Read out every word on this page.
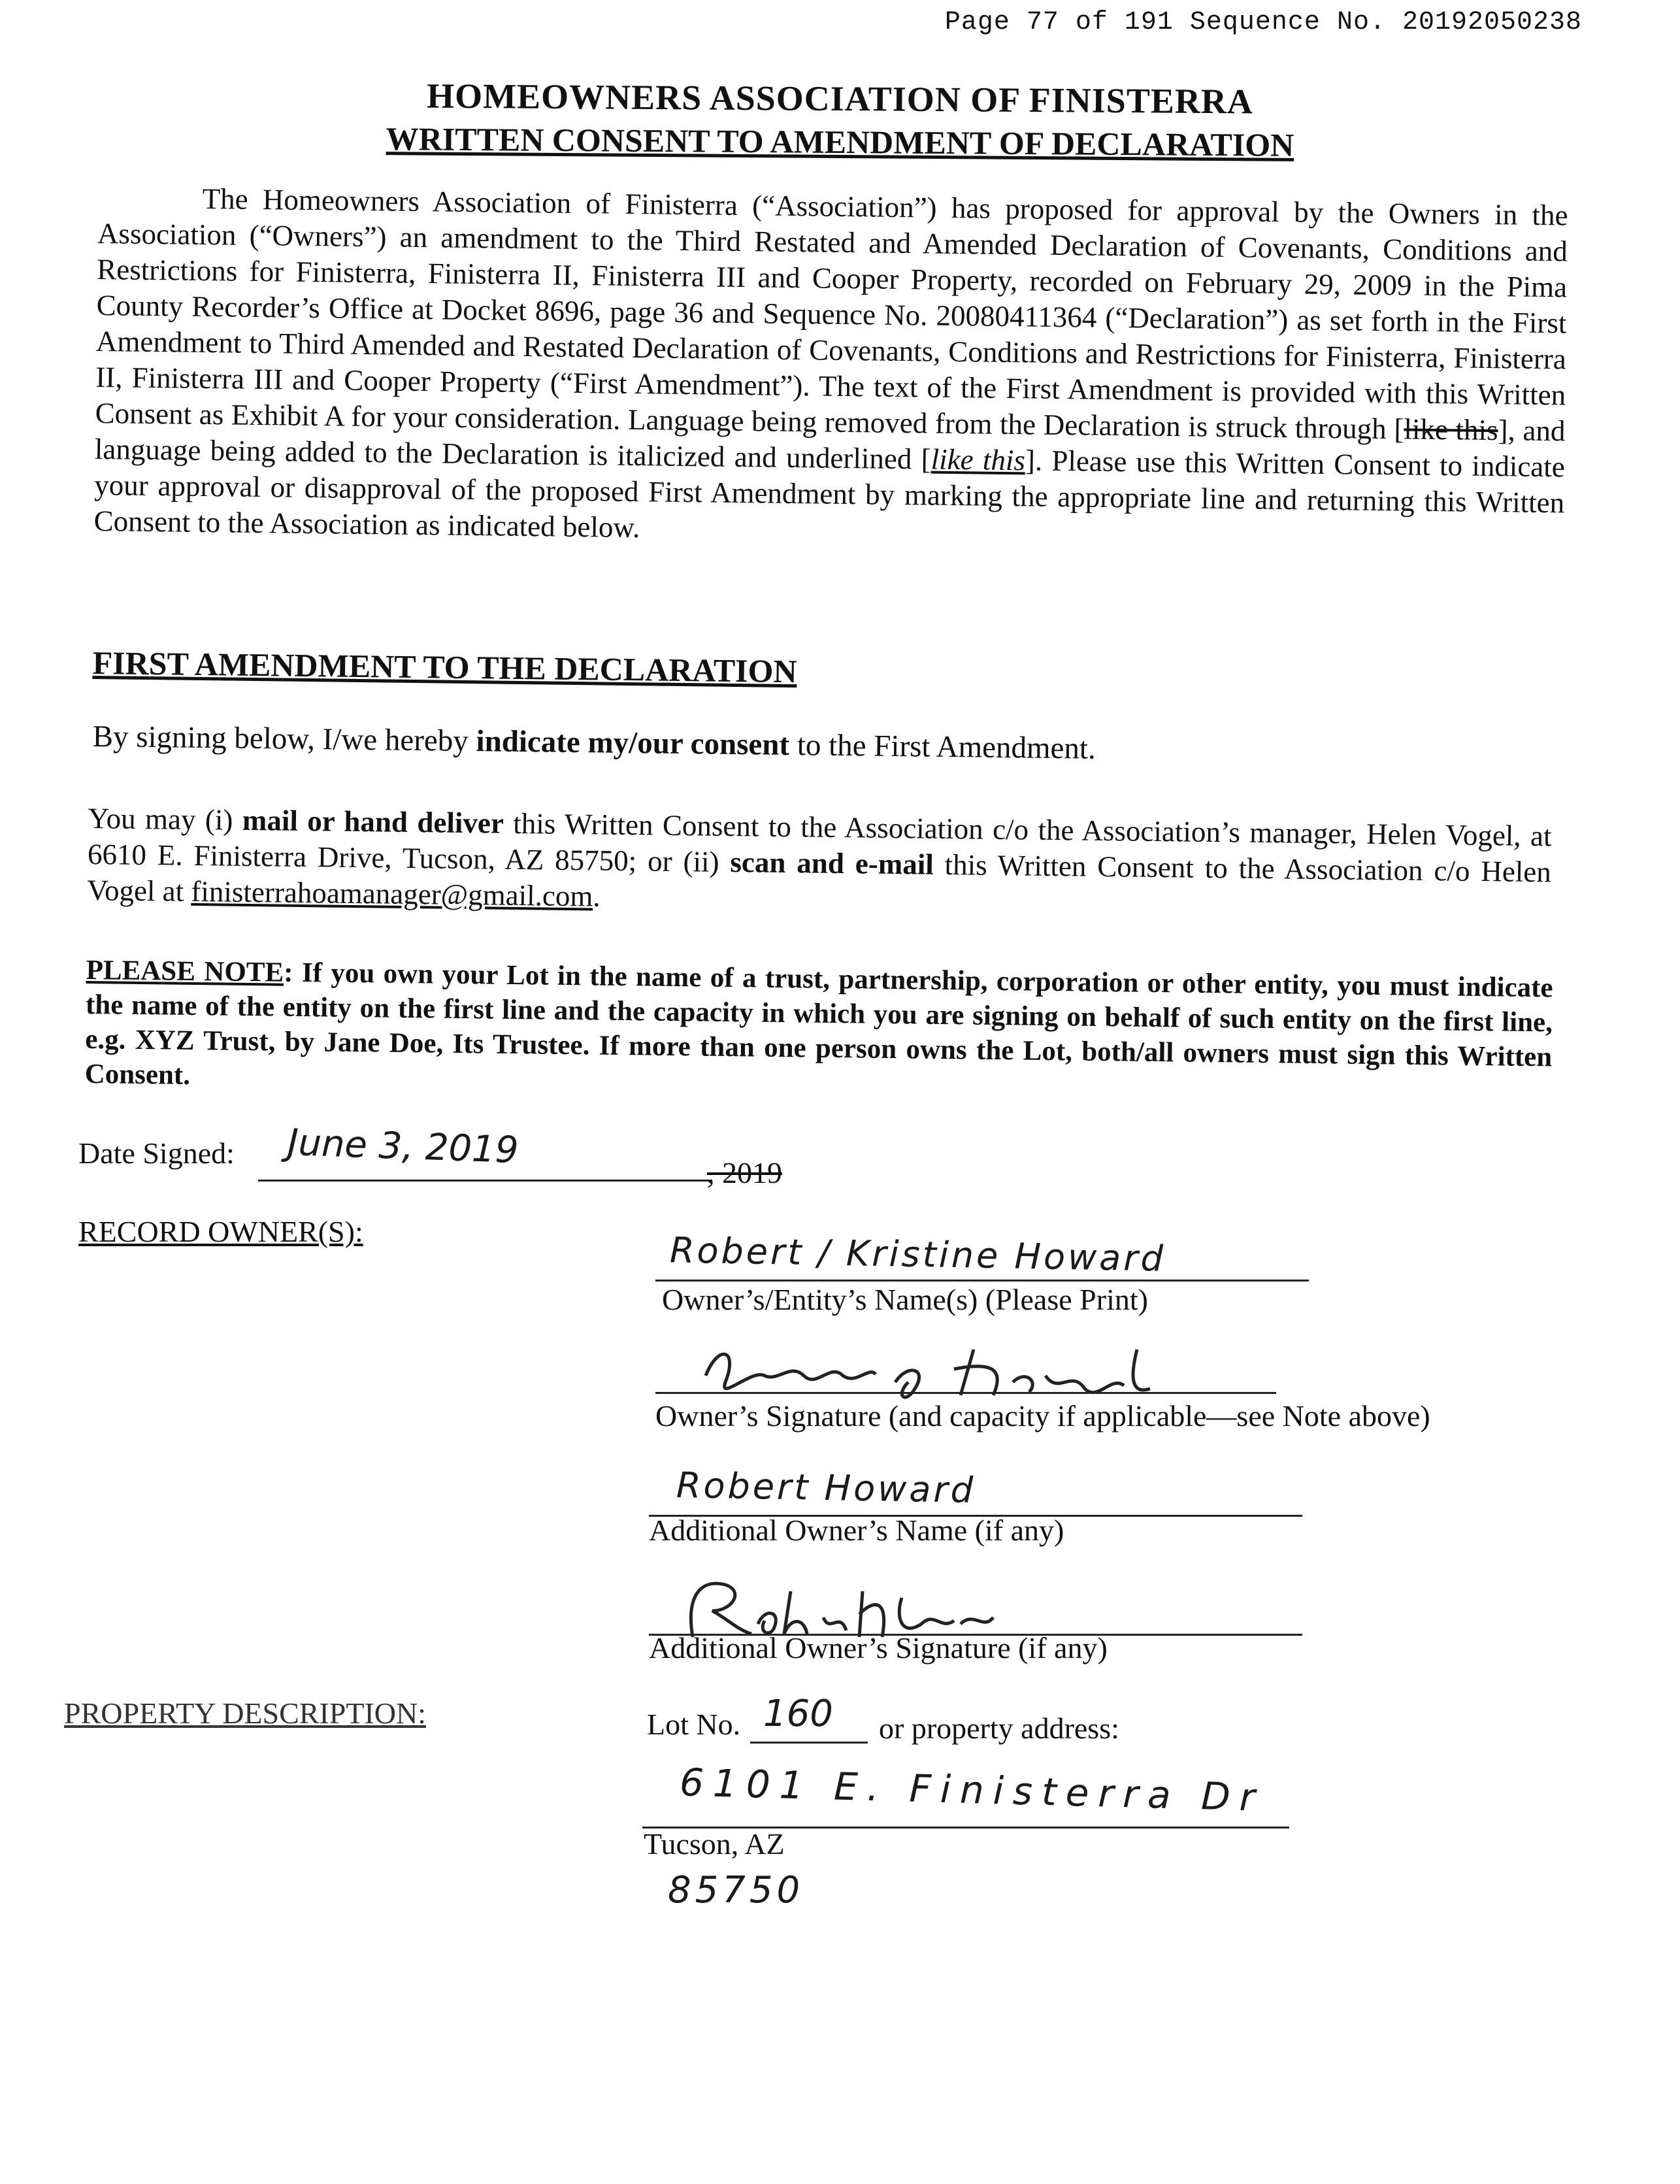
Page 77 of 191 Sequence No. 20192050238
HOMEOWNERS ASSOCIATION OF FINISTERRA
WRITTEN CONSENT TO AMENDMENT OF DECLARATION
The Homeowners Association of Finisterra (“Association”) has proposed for approval by the Owners in the Association (“Owners”) an amendment to the Third Restated and Amended Declaration of Covenants, Conditions and Restrictions for Finisterra, Finisterra II, Finisterra III and Cooper Property, recorded on February 29, 2009 in the Pima County Recorder’s Office at Docket 8696, page 36 and Sequence No. 20080411364 (“Declaration”) as set forth in the First Amendment to Third Amended and Restated Declaration of Covenants, Conditions and Restrictions for Finisterra, Finisterra II, Finisterra III and Cooper Property (“First Amendment”). The text of the First Amendment is provided with this Written Consent as Exhibit A for your consideration. Language being removed from the Declaration is struck through [like this], and language being added to the Declaration is italicized and underlined [like this]. Please use this Written Consent to indicate your approval or disapproval of the proposed First Amendment by marking the appropriate line and returning this Written Consent to the Association as indicated below.
FIRST AMENDMENT TO THE DECLARATION
By signing below, I/we hereby indicate my/our consent to the First Amendment.
You may (i) mail or hand deliver this Written Consent to the Association c/o the Association’s manager, Helen Vogel, at 6610 E. Finisterra Drive, Tucson, AZ 85750; or (ii) scan and e-mail this Written Consent to the Association c/o Helen Vogel at finisterrahoamanager@gmail.com.
PLEASE NOTE: If you own your Lot in the name of a trust, partnership, corporation or other entity, you must indicate the name of the entity on the first line and the capacity in which you are signing on behalf of such entity on the first line, e.g. XYZ Trust, by Jane Doe, Its Trustee. If more than one person owns the Lot, both/all owners must sign this Written Consent.
Date Signed: June 3, 2019
, 2019
RECORD OWNER(S):	Robert / Kristine Howard
Owner’s/Entity’s Name(s) (Please Print)
Owner’s Signature (and capacity if applicable—see Note above)
Robert Howard
Additional Owner’s Name (if any)
Additional Owner’s Signature (if any)
PROPERTY DESCRIPTION:	Lot No. 160 or property address:
6101 E. Finisterra Dr
Tucson, AZ
85750
